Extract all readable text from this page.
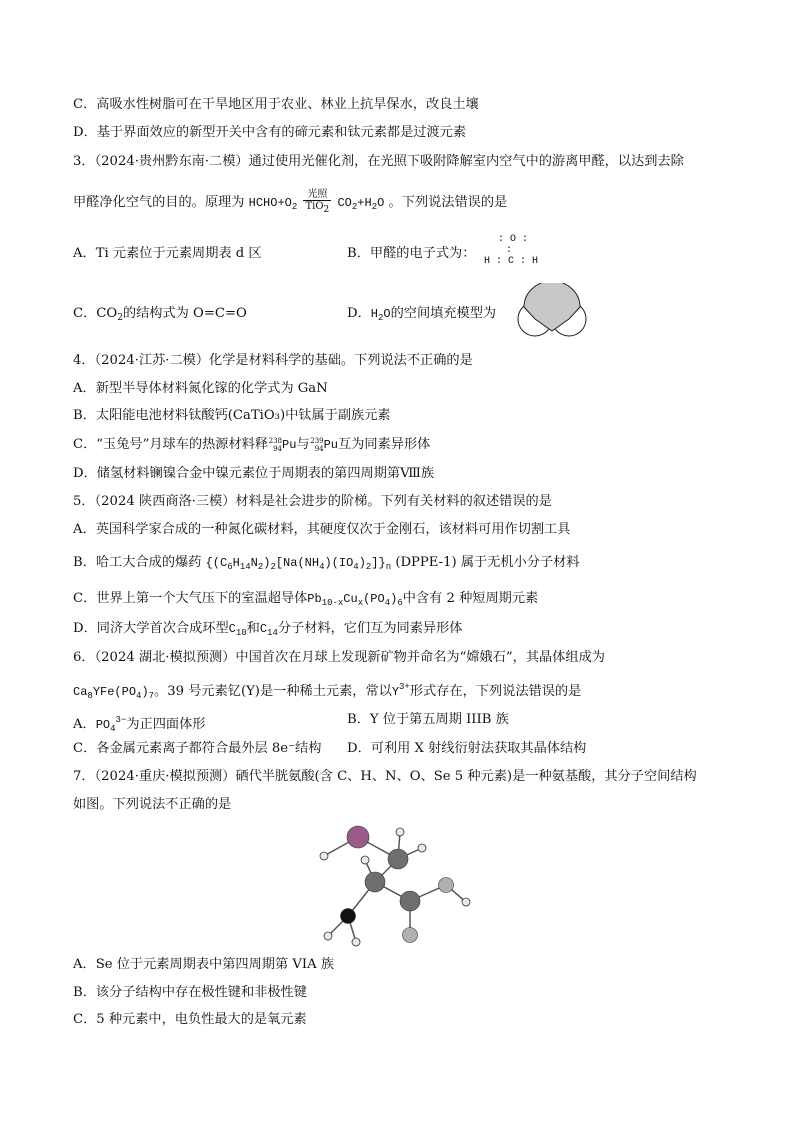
C．高吸水性树脂可在干旱地区用于农业、林业上抗旱保水，改良土壤
D．基于界面效应的新型开关中含有的碲元素和钛元素都是过渡元素
3．（2024·贵州黔东南·二模）通过使用光催化剂，在光照下吸附降解室内空气中的游离甲醛，以达到去除
甲醛净化空气的目的。原理为 $HCHO+O_2$
光照
TiO2 $CO_2+H_2O$ 。下列说法错误的是
A．Ti 元素位于元素周期表 d 区	B．甲醛的电子式为：
: O :
:
H : C : H
C．$CO_2$的结构式为 O=C=O	D．$H_2O$的空间填充模型为
4．（2024·江苏·二模）化学是材料科学的基础。下列说法不正确的是
A．新型半导体材料氮化镓的化学式为 GaN
B．太阳能电池材料钛酸钙(CaTiO₃)中钛属于副族元素
C．“玉兔号”月球车的热源材料释 238
94 Pu与 239
94 Pu互为同素异形体
D．储氢材料镧镍合金中镍元素位于周期表的第四周期第Ⅷ族
5．（2024 陕西商洛·三模）材料是社会进步的阶梯。下列有关材料的叙述错误的是
A．英国科学家合成的一种氮化碳材料，其硬度仅次于金刚石，该材料可用作切割工具
B．哈工大合成的爆药 $\{(C_6H_{14}N_2)_2[Na(NH_4)(IO_4)_2]\}_n$ (DPPE-1) 属于无机小分子材料
C．世界上第一个大气压下的室温超导体$Pb_{10-x}Cu_x(PO_4)_6$中含有 2 种短周期元素
D．同济大学首次合成环型$C_{10}$和$C_{14}$分子材料，它们互为同素异形体
6．（2024 湖北·模拟预测）中国首次在月球上发现新矿物并命名为“嫦娥石”，其晶体组成为
$Ca_8YFe(PO_4)_7$。39 号元素钇(Y)是一种稀土元素，常以$Y^{3+}$形式存在，下列说法错误的是
A．$PO_4^{3-}$为正四面体形	B．Y 位于第五周期 IIIB 族
C．各金属元素离子都符合最外层 8e⁻结构 D．可利用 X 射线衍射法获取其晶体结构
7．（2024·重庆·模拟预测）硒代半胱氨酸(含 C、H、N、O、Se 5 种元素)是一种氨基酸，其分子空间结构
如图。下列说法不正确的是
A．Se 位于元素周期表中第四周期第 VIA 族
B．该分子结构中存在极性键和非极性键
C．5 种元素中，电负性最大的是氧元素
